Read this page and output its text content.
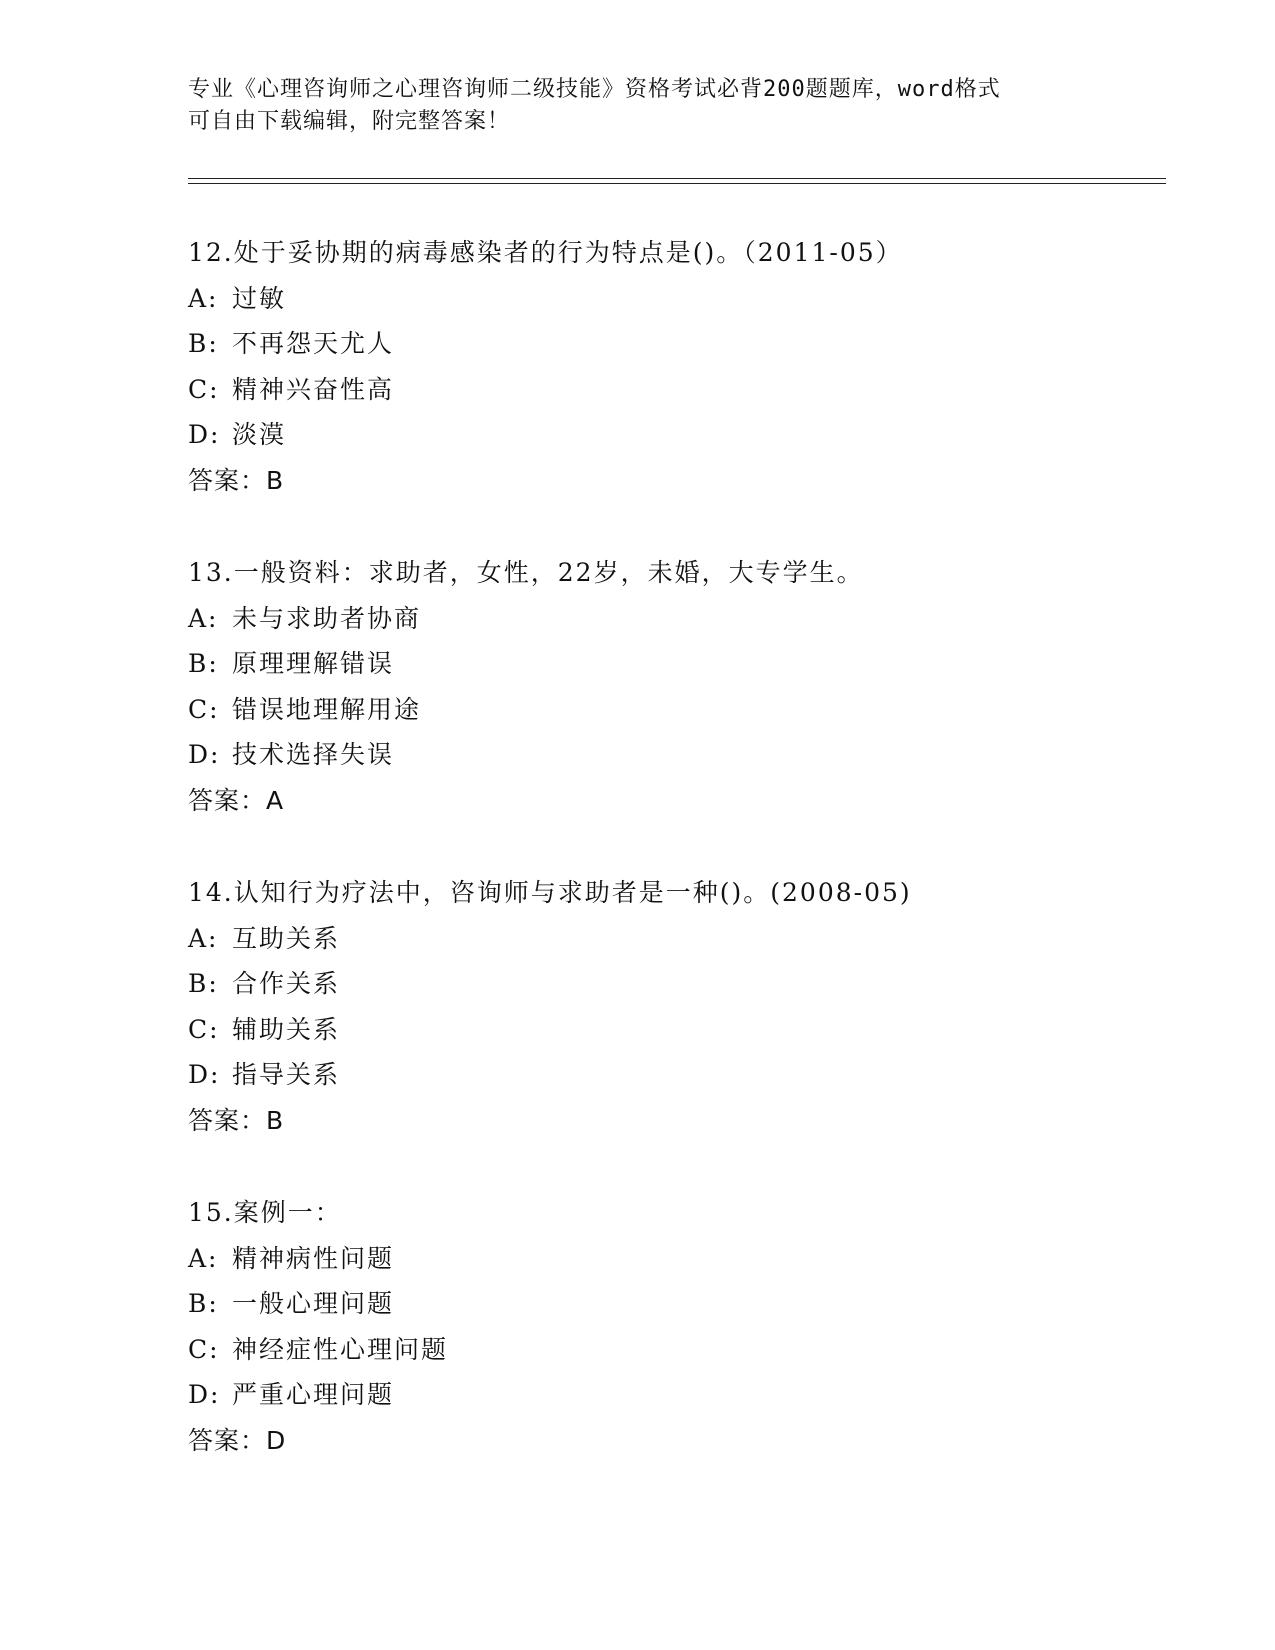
专业《心理咨询师之心理咨询师二级技能》资格考试必背200题题库，word格式
可自由下载编辑，附完整答案！
12.处于妥协期的病毒感染者的行为特点是()。（2011-05）
A: 过敏
B: 不再怨天尤人
C: 精神兴奋性高
D: 淡漠
答案：B
13.一般资料：求助者，女性，22岁，未婚，大专学生。
A: 未与求助者协商
B: 原理理解错误
C: 错误地理解用途
D: 技术选择失误
答案：A
14.认知行为疗法中，咨询师与求助者是一种()。(2008-05)
A: 互助关系
B: 合作关系
C: 辅助关系
D: 指导关系
答案：B
15.案例一：
A: 精神病性问题
B: 一般心理问题
C: 神经症性心理问题
D: 严重心理问题
答案：D
